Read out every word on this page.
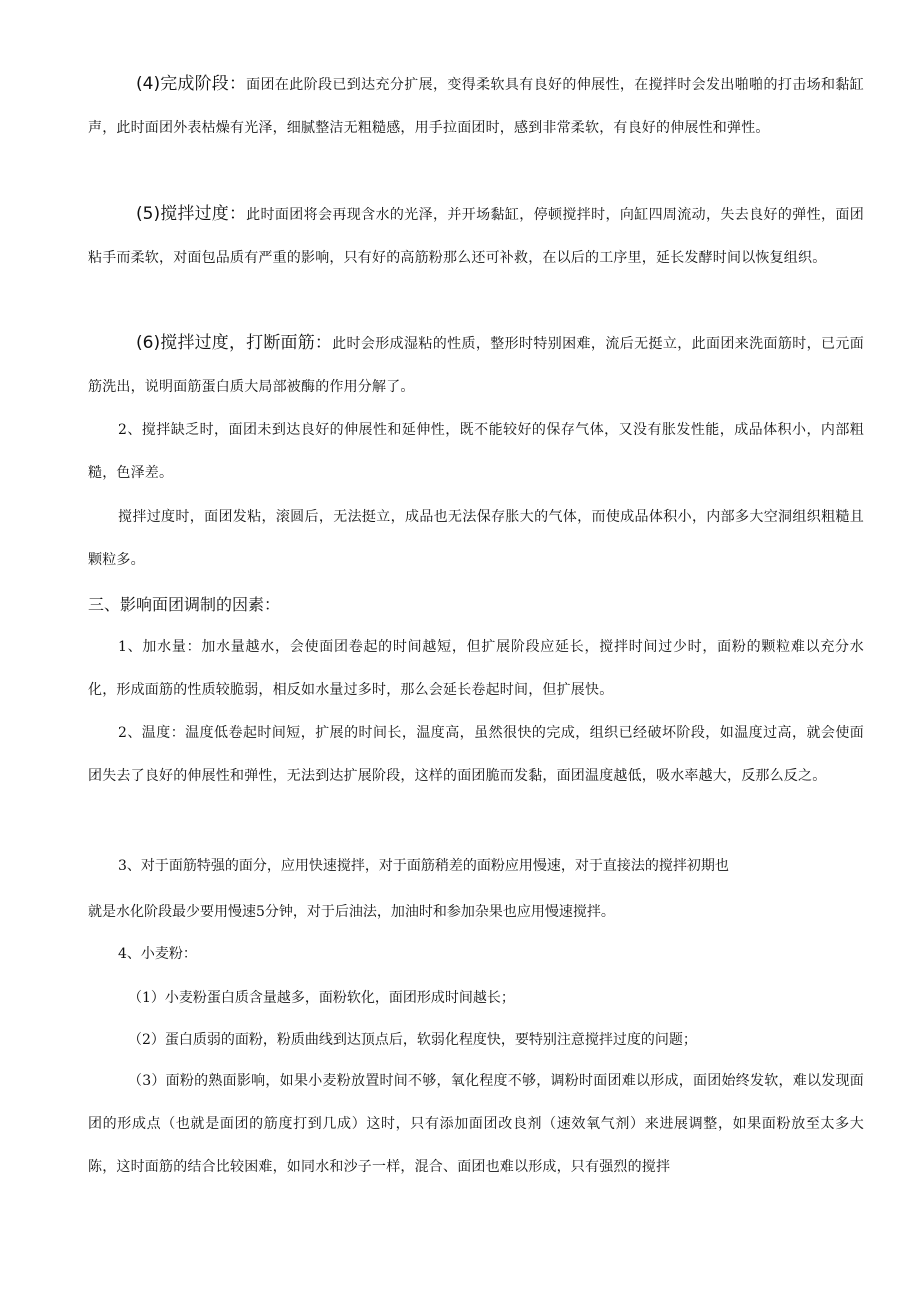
(4)完成阶段：面团在此阶段已到达充分扩展，变得柔软具有良好的伸展性，在搅拌时会发出啪啪的打击场和黏缸声，此时面团外表枯燥有光泽，细腻整洁无粗糙感，用手拉面团时，感到非常柔软，有良好的伸展性和弹性。

(5)搅拌过度：此时面团将会再现含水的光泽，并开场黏缸，停顿搅拌时，向缸四周流动，失去良好的弹性，面团粘手而柔软，对面包品质有严重的影响，只有好的高筋粉那么还可补救，在以后的工序里，延长发酵时间以恢复组织。

(6)搅拌过度，打断面筋：此时会形成湿粘的性质，整形时特别困难，流后无挺立，此面团来洗面筋时，已元面筋洗出，说明面筋蛋白质大局部被酶的作用分解了。

2、搅拌缺乏时，面团未到达良好的伸展性和延伸性，既不能较好的保存气体，又没有胀发性能，成品体积小，内部粗糙，色泽差。

搅拌过度时，面团发粘，滚圆后，无法挺立，成品也无法保存胀大的气体，而使成品体积小，内部多大空洞组织粗糙且颗粒多。

三、影响面团调制的因素：

1、加水量：加水量越水，会使面团卷起的时间越短，但扩展阶段应延长，搅拌时间过少时，面粉的颗粒难以充分水化，形成面筋的性质较脆弱，相反如水量过多时，那么会延长卷起时间，但扩展快。

2、温度：温度低卷起时间短，扩展的时间长，温度高，虽然很快的完成，组织已经破坏阶段，如温度过高，就会使面团失去了良好的伸展性和弹性，无法到达扩展阶段，这样的面团脆而发黏，面团温度越低，吸水率越大，反那么反之。

3、对于面筋特强的面分，应用快速搅拌，对于面筋稍差的面粉应用慢速，对于直接法的搅拌初期也

就是水化阶段最少要用慢速5分钟，对于后油法，加油时和参加杂果也应用慢速搅拌。

4、小麦粉：

（1）小麦粉蛋白质含量越多，面粉软化，面团形成时间越长；

（2）蛋白质弱的面粉，粉质曲线到达顶点后，软弱化程度快，要特别注意搅拌过度的问题；

（3）面粉的熟面影响，如果小麦粉放置时间不够，氧化程度不够，调粉时面团难以形成，面团始终发软，难以发现面团的形成点（也就是面团的筋度打到几成）这时，只有添加面团改良剂（速效氧气剂）来进展调整，如果面粉放至太多大陈，这时面筋的结合比较困难，如同水和沙子一样，混合、面团也难以形成，只有强烈的搅拌
